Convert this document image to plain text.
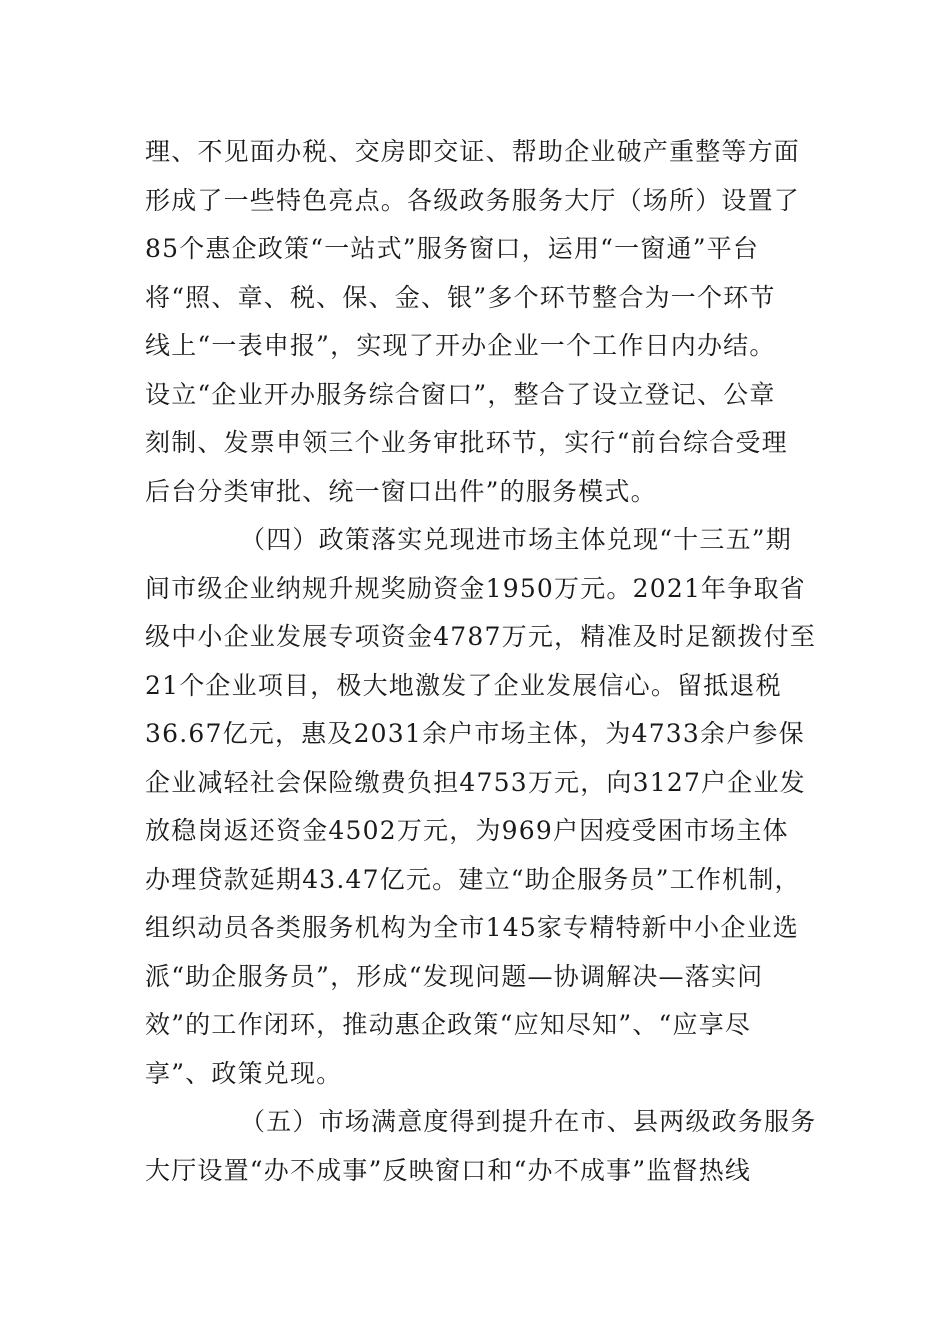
理、不见面办税、交房即交证、帮助企业破产重整等方面
形成了一些特色亮点。各级政务服务大厅（场所）设置了
85个惠企政策“一站式”服务窗口，运用“一窗通”平台
将“照、章、税、保、金、银”多个环节整合为一个环节
线上“一表申报”，实现了开办企业一个工作日内办结。
设立“企业开办服务综合窗口”，整合了设立登记、公章
刻制、发票申领三个业务审批环节，实行“前台综合受理
后台分类审批、统一窗口出件”的服务模式。
（四）政策落实兑现进市场主体兑现“十三五”期
间市级企业纳规升规奖励资金1950万元。2021年争取省
级中小企业发展专项资金4787万元，精准及时足额拨付至
21个企业项目，极大地激发了企业发展信心。留抵退税
36.67亿元，惠及2031余户市场主体，为4733余户参保
企业减轻社会保险缴费负担4753万元，向3127户企业发
放稳岗返还资金4502万元，为969户因疫受困市场主体
办理贷款延期43.47亿元。建立“助企服务员”工作机制，
组织动员各类服务机构为全市145家专精特新中小企业选
派“助企服务员”，形成“发现问题—协调解决—落实问
效”的工作闭环，推动惠企政策“应知尽知”、“应享尽
享”、政策兑现。
（五）市场满意度得到提升在市、县两级政务服务
大厅设置“办不成事”反映窗口和“办不成事”监督热线
